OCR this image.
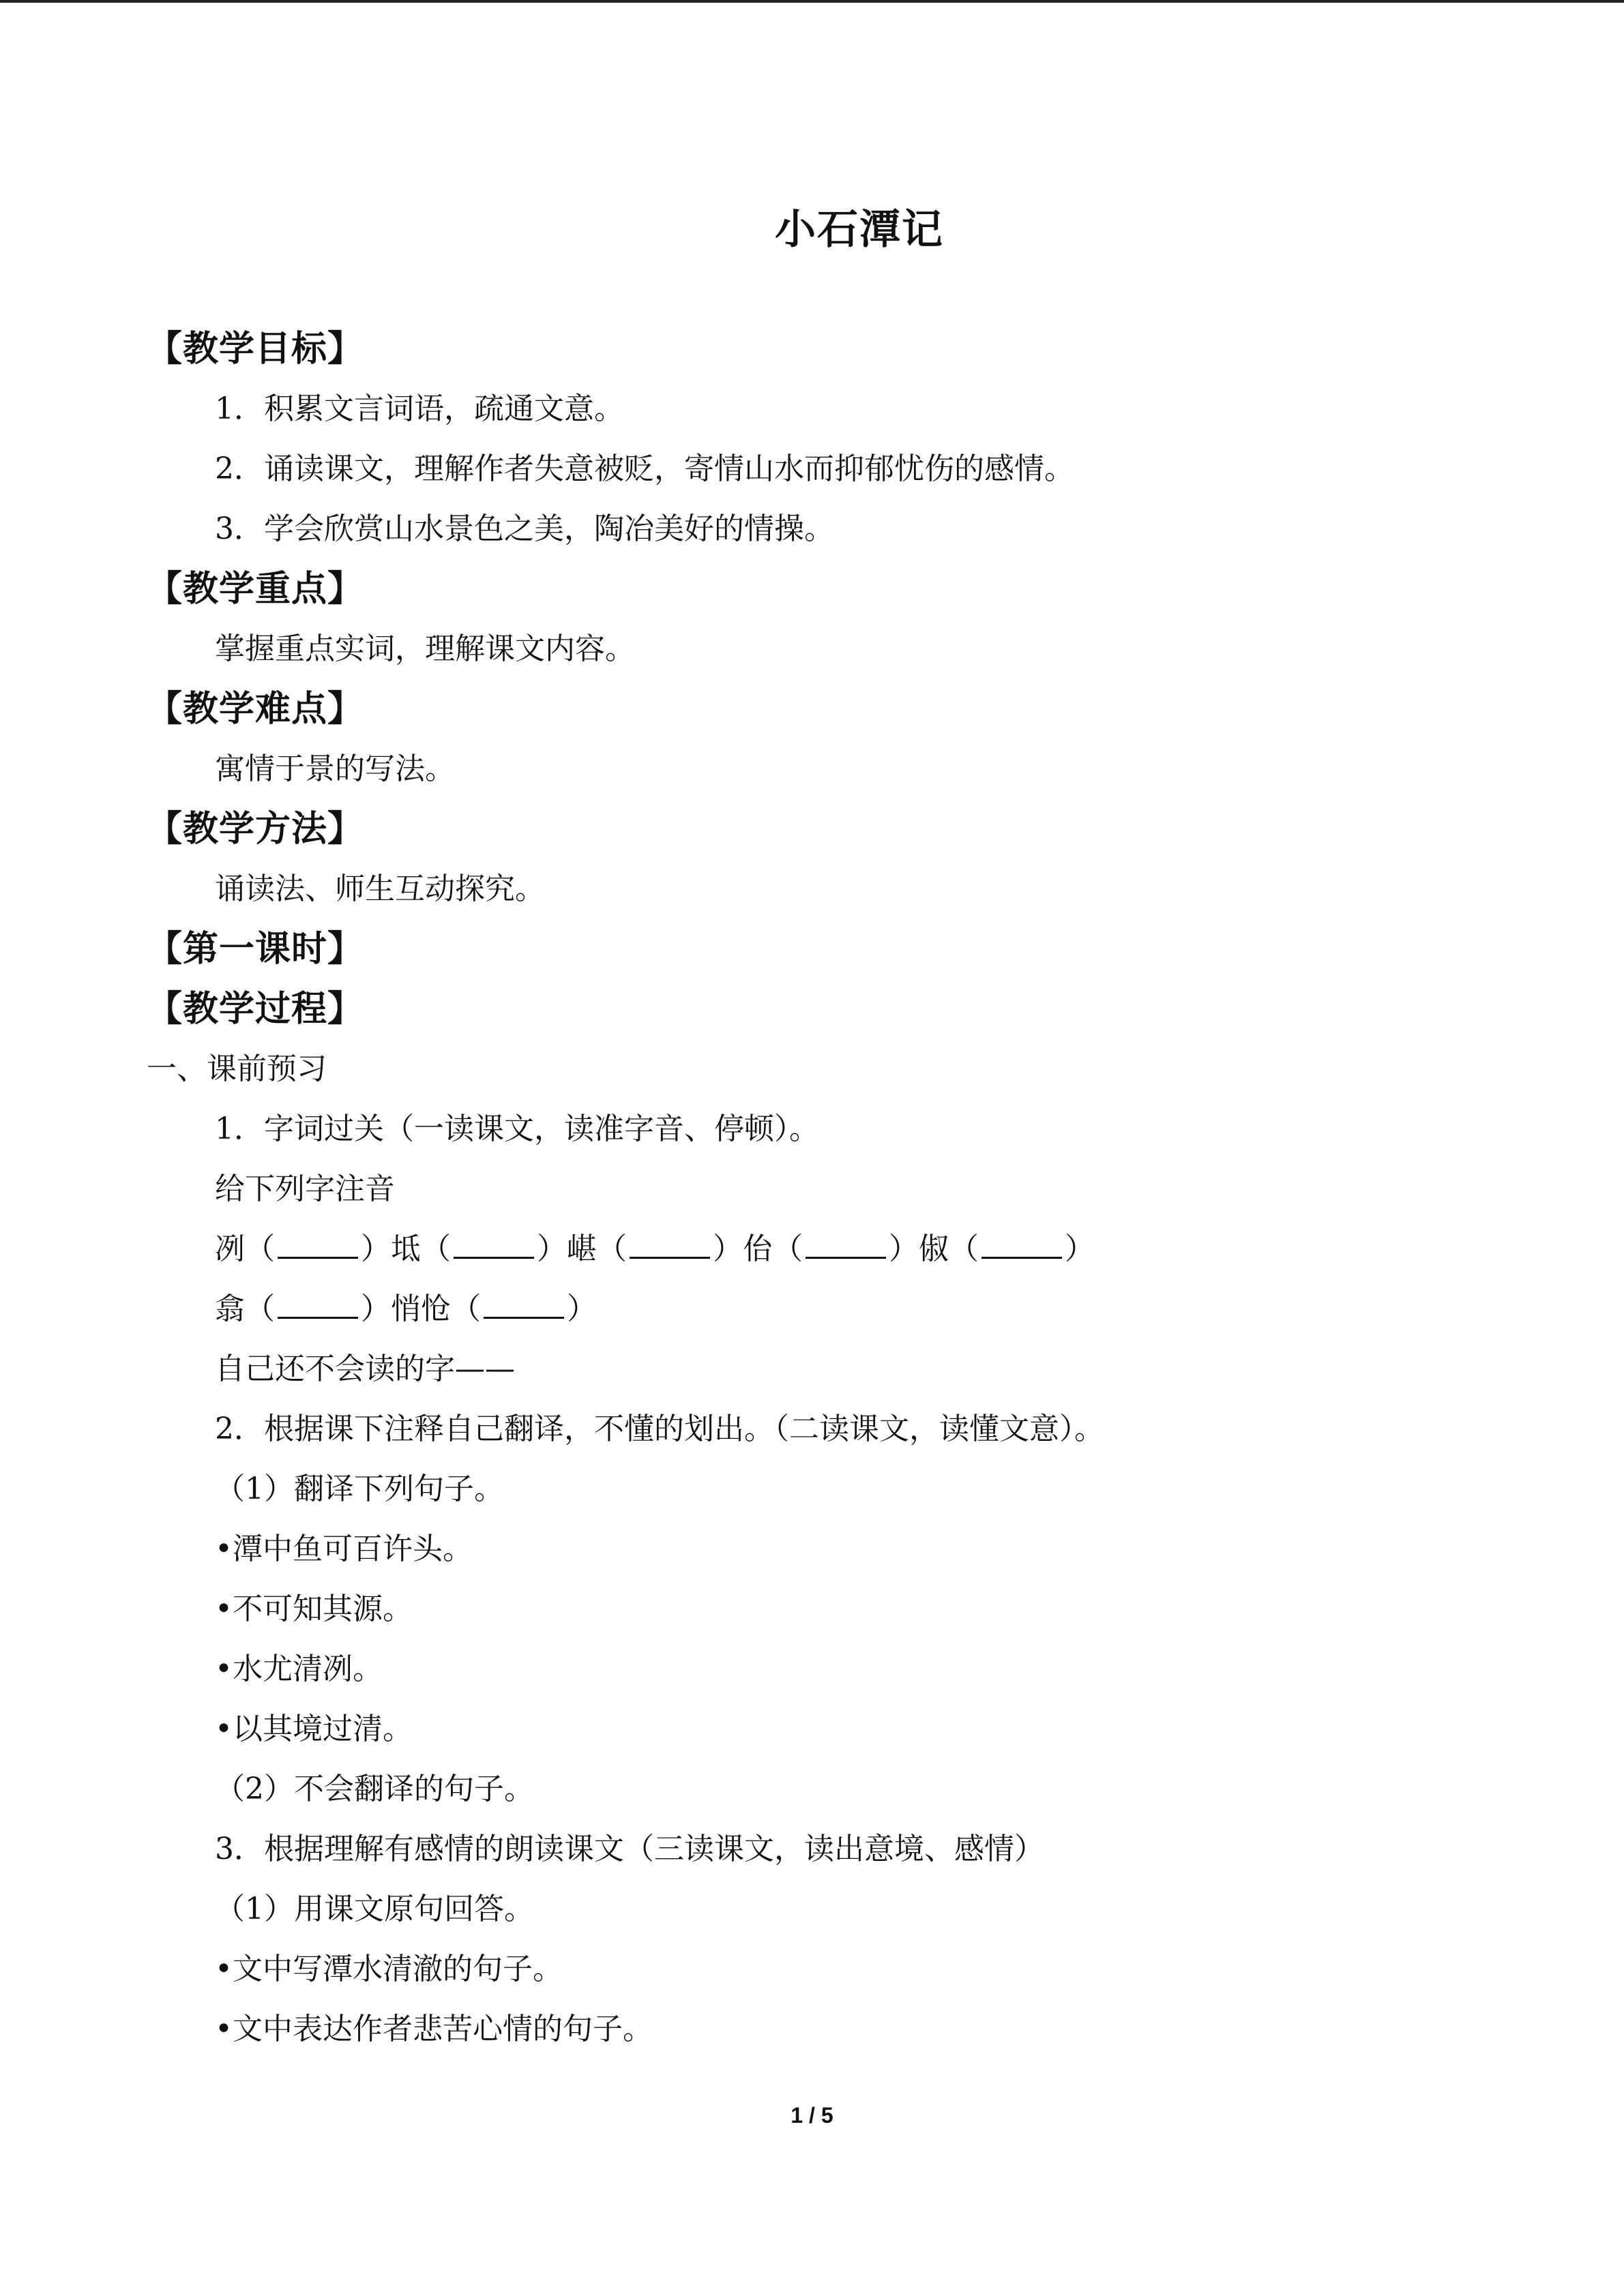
小石潭记
【教学目标】
1．积累文言词语，疏通文意。
2．诵读课文，理解作者失意被贬，寄情山水而抑郁忧伤的感情。
3．学会欣赏山水景色之美，陶冶美好的情操。
【教学重点】
掌握重点实词，理解课文内容。
【教学难点】
寓情于景的写法。
【教学方法】
诵读法、师生互动探究。
【第一课时】
【教学过程】
一、课前预习
1．字词过关（一读课文，读准字音、停顿）。
给下列字注音
冽（	）坻（	）嵁（	）佁（	）俶（	）
翕（	）悄怆（	）
自己还不会读的字——
2．根据课下注释自己翻译，不懂的划出。（二读课文，读懂文意）。
（1）翻译下列句子。
•潭中鱼可百许头。
•不可知其源。
•水尤清冽。
•以其境过清。
（2）不会翻译的句子。
3．根据理解有感情的朗读课文（三读课文，读出意境、感情）
（1）用课文原句回答。
•文中写潭水清澈的句子。
•文中表达作者悲苦心情的句子。
1 / 5
